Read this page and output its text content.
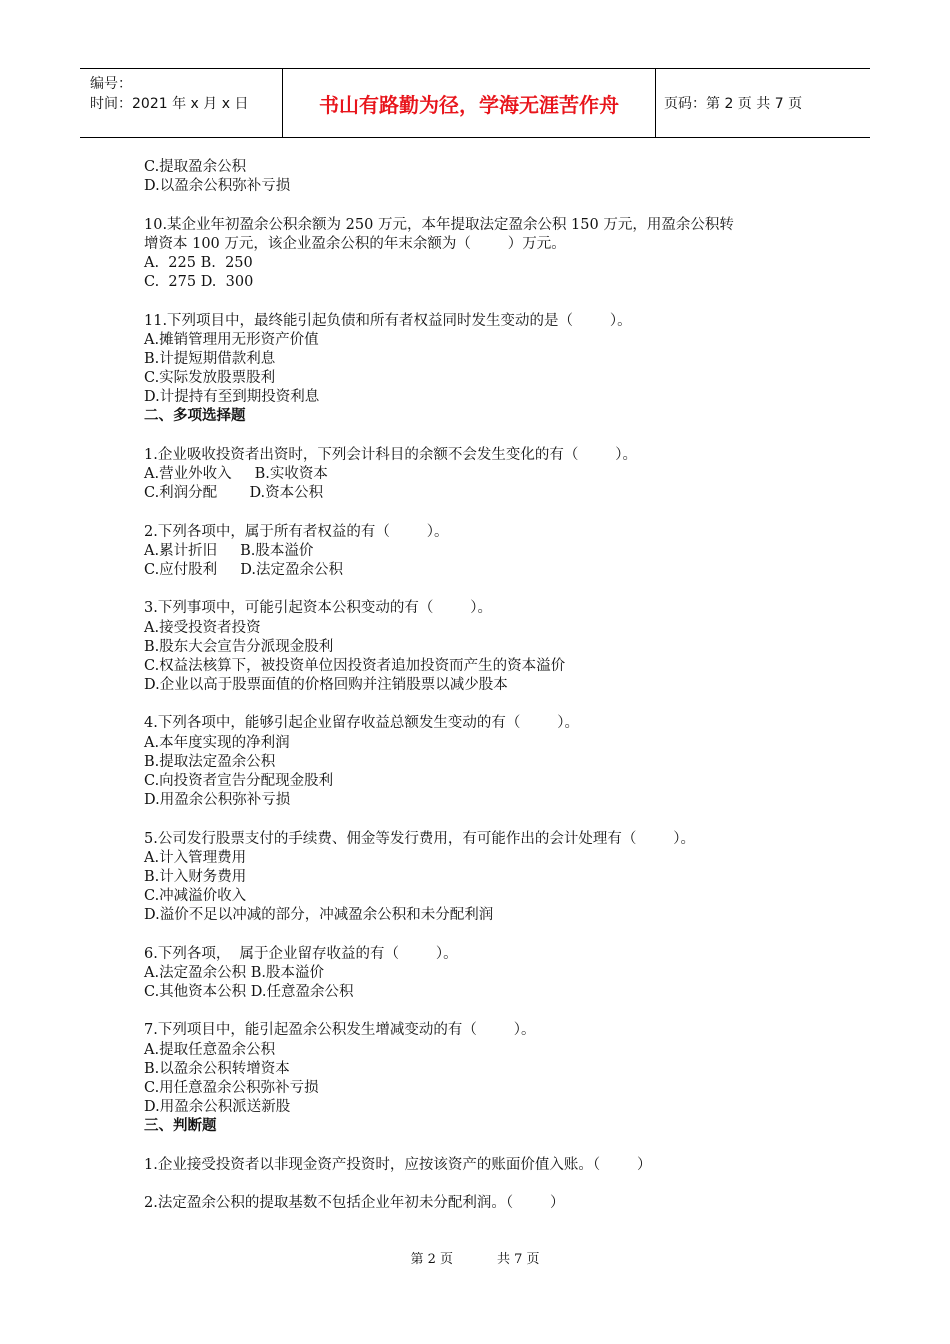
编号：
时间：2021 年 x 月 x 日	书山有路勤为径，学海无涯苦作舟	页码：第 2 页 共 7 页
C.提取盈余公积
D.以盈余公积弥补亏损
10.某企业年初盈余公积余额为 250 万元，本年提取法定盈余公积 150 万元，用盈余公积转
增资本 100 万元，该企业盈余公积的年末余额为（        ）万元。
A.  225 B.  250
C.  275 D.  300
11.下列项目中，最终能引起负债和所有者权益同时发生变动的是（        ）。
A.摊销管理用无形资产价值
B.计提短期借款利息
C.实际发放股票股利
D.计提持有至到期投资利息
二、多项选择题
1.企业吸收投资者出资时，下列会计科目的余额不会发生变化的有（        ）。
A.营业外收入     B.实收资本
C.利润分配       D.资本公积
2.下列各项中，属于所有者权益的有（        ）。
A.累计折旧     B.股本溢价
C.应付股利     D.法定盈余公积
3.下列事项中，可能引起资本公积变动的有（        ）。
A.接受投资者投资
B.股东大会宣告分派现金股利
C.权益法核算下，被投资单位因投资者追加投资而产生的资本溢价
D.企业以高于股票面值的价格回购并注销股票以减少股本
4.下列各项中，能够引起企业留存收益总额发生变动的有（        ）。
A.本年度实现的净利润
B.提取法定盈余公积
C.向投资者宣告分配现金股利
D.用盈余公积弥补亏损
5.公司发行股票支付的手续费、佣金等发行费用，有可能作出的会计处理有（        ）。
A.计入管理费用
B.计入财务费用
C.冲减溢价收入
D.溢价不足以冲减的部分，冲减盈余公积和未分配利润
6.下列各项，  属于企业留存收益的有（        ）。
A.法定盈余公积 B.股本溢价
C.其他资本公积 D.任意盈余公积
7.下列项目中，能引起盈余公积发生增减变动的有（        ）。
A.提取任意盈余公积
B.以盈余公积转增资本
C.用任意盈余公积弥补亏损
D.用盈余公积派送新股
三、判断题
1.企业接受投资者以非现金资产投资时，应按该资产的账面价值入账。（        ）
2.法定盈余公积的提取基数不包括企业年初未分配利润。（        ）
第 2 页	共 7 页
